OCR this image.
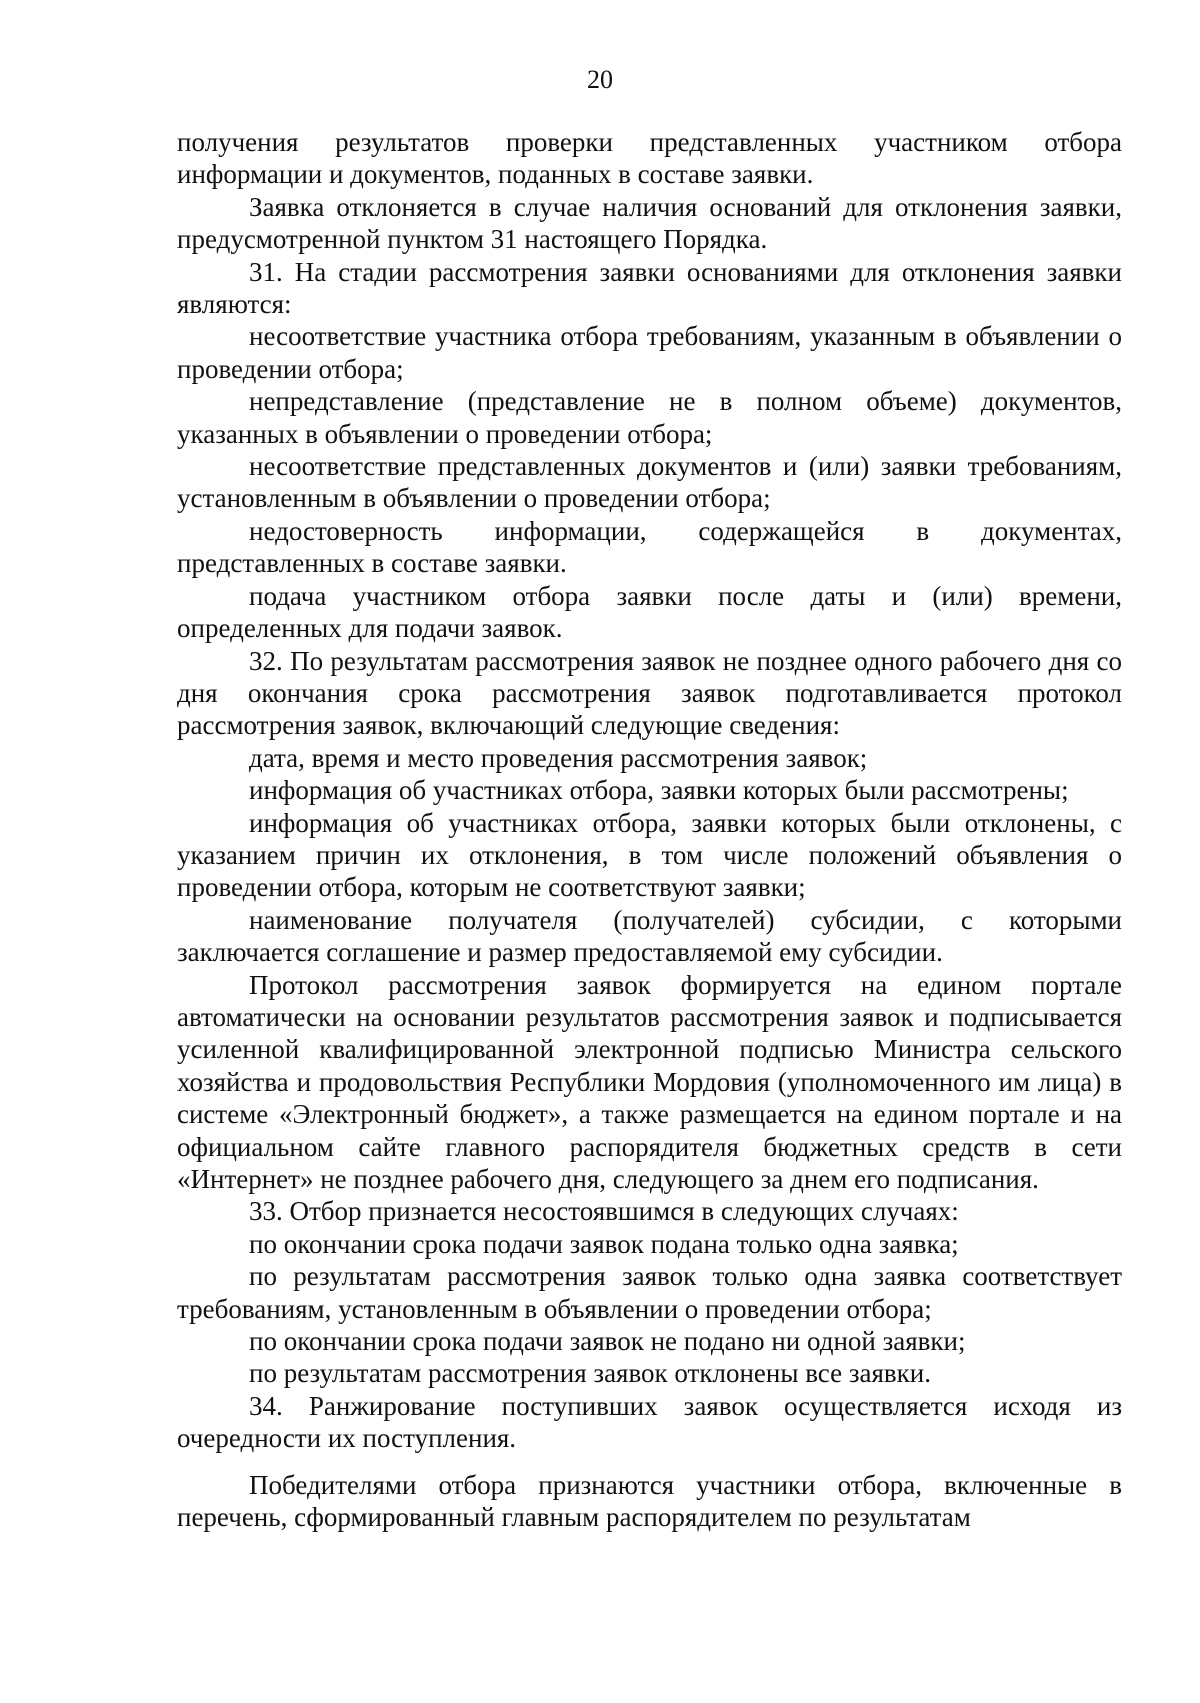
20

получения результатов проверки представленных участником отбора информации и документов, поданных в составе заявки.

Заявка отклоняется в случае наличия оснований для отклонения заявки, предусмотренной пунктом 31 настоящего Порядка.

31. На стадии рассмотрения заявки основаниями для отклонения заявки являются:

несоответствие участника отбора требованиям, указанным в объявлении о проведении отбора;

непредставление (представление не в полном объеме) документов, указанных в объявлении о проведении отбора;

несоответствие представленных документов и (или) заявки требованиям, установленным в объявлении о проведении отбора;

недостоверность информации, содержащейся в документах, представленных в составе заявки.

подача участником отбора заявки после даты и (или) времени, определенных для подачи заявок.

32. По результатам рассмотрения заявок не позднее одного рабочего дня со дня окончания срока рассмотрения заявок подготавливается протокол рассмотрения заявок, включающий следующие сведения:

дата, время и место проведения рассмотрения заявок;

информация об участниках отбора, заявки которых были рассмотрены;

информация об участниках отбора, заявки которых были отклонены, с указанием причин их отклонения, в том числе положений объявления о проведении отбора, которым не соответствуют заявки;

наименование получателя (получателей) субсидии, с которыми заключается соглашение и размер предоставляемой ему субсидии.

Протокол рассмотрения заявок формируется на едином портале автоматически на основании результатов рассмотрения заявок и подписывается усиленной квалифицированной электронной подписью Министра сельского хозяйства и продовольствия Республики Мордовия (уполномоченного им лица) в системе «Электронный бюджет», а также размещается на едином портале и на официальном сайте главного распорядителя бюджетных средств в сети «Интернет» не позднее рабочего дня, следующего за днем его подписания.

33. Отбор признается несостоявшимся в следующих случаях:

по окончании срока подачи заявок подана только одна заявка;

по результатам рассмотрения заявок только одна заявка соответствует требованиям, установленным в объявлении о проведении отбора;

по окончании срока подачи заявок не подано ни одной заявки;

по результатам рассмотрения заявок отклонены все заявки.

34. Ранжирование поступивших заявок осуществляется исходя из очередности их поступления.

Победителями отбора признаются участники отбора, включенные в перечень, сформированный главным распорядителем по результатам
